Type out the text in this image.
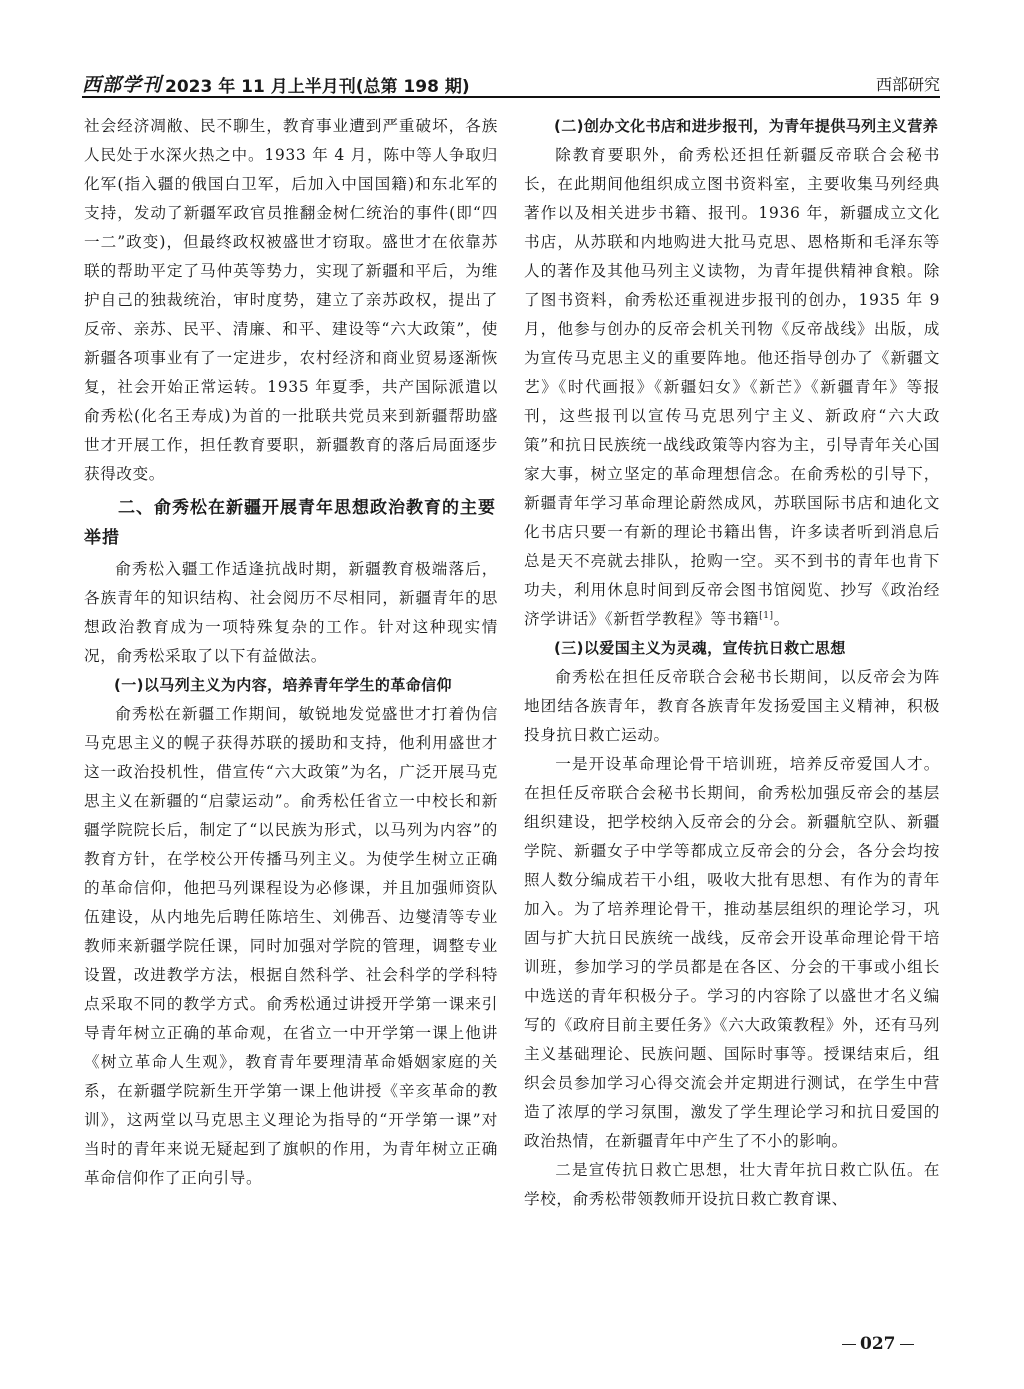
西部学刊 2023 年 11 月上半月刊(总第 198 期)	西部研究

社会经济凋敝、民不聊生，教育事业遭到严重破坏，各族人民处于水深火热之中。1933 年 4 月，陈中等人争取归化军(指入疆的俄国白卫军，后加入中国国籍)和东北军的支持，发动了新疆军政官员推翻金树仁统治的事件(即“四一二”政变)，但最终政权被盛世才窃取。盛世才在依靠苏联的帮助平定了马仲英等势力，实现了新疆和平后，为维护自己的独裁统治，审时度势，建立了亲苏政权，提出了反帝、亲苏、民平、清廉、和平、建设等“六大政策”，使新疆各项事业有了一定进步，农村经济和商业贸易逐渐恢复，社会开始正常运转。1935 年夏季，共产国际派遣以俞秀松(化名王寿成)为首的一批联共党员来到新疆帮助盛世才开展工作，担任教育要职，新疆教育的落后局面逐步获得改变。

二、俞秀松在新疆开展青年思想政治教育的主要举措

俞秀松入疆工作适逢抗战时期，新疆教育极端落后，各族青年的知识结构、社会阅历不尽相同，新疆青年的思想政治教育成为一项特殊复杂的工作。针对这种现实情况，俞秀松采取了以下有益做法。

(一)以马列主义为内容，培养青年学生的革命信仰

俞秀松在新疆工作期间，敏锐地发觉盛世才打着伪信马克思主义的幌子获得苏联的援助和支持，他利用盛世才这一政治投机性，借宣传“六大政策”为名，广泛开展马克思主义在新疆的“启蒙运动”。俞秀松任省立一中校长和新疆学院院长后，制定了“以民族为形式，以马列为内容”的教育方针，在学校公开传播马列主义。为使学生树立正确的革命信仰，他把马列课程设为必修课，并且加强师资队伍建设，从内地先后聘任陈培生、刘佛吾、边燮清等专业教师来新疆学院任课，同时加强对学院的管理，调整专业设置，改进教学方法，根据自然科学、社会科学的学科特点采取不同的教学方式。俞秀松通过讲授开学第一课来引导青年树立正确的革命观，在省立一中开学第一课上他讲《树立革命人生观》，教育青年要理清革命婚姻家庭的关系，在新疆学院新生开学第一课上他讲授《辛亥革命的教训》，这两堂以马克思主义理论为指导的“开学第一课”对当时的青年来说无疑起到了旗帜的作用，为青年树立正确革命信仰作了正向引导。

(二)创办文化书店和进步报刊，为青年提供马列主义营养

除教育要职外，俞秀松还担任新疆反帝联合会秘书长，在此期间他组织成立图书资料室，主要收集马列经典著作以及相关进步书籍、报刊。1936 年，新疆成立文化书店，从苏联和内地购进大批马克思、恩格斯和毛泽东等人的著作及其他马列主义读物，为青年提供精神食粮。除了图书资料，俞秀松还重视进步报刊的创办，1935 年 9 月，他参与创办的反帝会机关刊物《反帝战线》出版，成为宣传马克思主义的重要阵地。他还指导创办了《新疆文艺》《时代画报》《新疆妇女》《新芒》《新疆青年》等报刊，这些报刊以宣传马克思列宁主义、新政府“六大政策”和抗日民族统一战线政策等内容为主，引导青年关心国家大事，树立坚定的革命理想信念。在俞秀松的引导下，新疆青年学习革命理论蔚然成风，苏联国际书店和迪化文化书店只要一有新的理论书籍出售，许多读者听到消息后总是天不亮就去排队，抢购一空。买不到书的青年也肯下功夫，利用休息时间到反帝会图书馆阅览、抄写《政治经济学讲话》《新哲学教程》等书籍[1]。

(三)以爱国主义为灵魂，宣传抗日救亡思想

俞秀松在担任反帝联合会秘书长期间，以反帝会为阵地团结各族青年，教育各族青年发扬爱国主义精神，积极投身抗日救亡运动。

一是开设革命理论骨干培训班，培养反帝爱国人才。在担任反帝联合会秘书长期间，俞秀松加强反帝会的基层组织建设，把学校纳入反帝会的分会。新疆航空队、新疆学院、新疆女子中学等都成立反帝会的分会，各分会均按照人数分编成若干小组，吸收大批有思想、有作为的青年加入。为了培养理论骨干，推动基层组织的理论学习，巩固与扩大抗日民族统一战线，反帝会开设革命理论骨干培训班，参加学习的学员都是在各区、分会的干事或小组长中选送的青年积极分子。学习的内容除了以盛世才名义编写的《政府目前主要任务》《六大政策教程》外，还有马列主义基础理论、民族问题、国际时事等。授课结束后，组织会员参加学习心得交流会并定期进行测试，在学生中营造了浓厚的学习氛围，激发了学生理论学习和抗日爱国的政治热情，在新疆青年中产生了不小的影响。

二是宣传抗日救亡思想，壮大青年抗日救亡队伍。在学校，俞秀松带领教师开设抗日救亡教育课、

027
